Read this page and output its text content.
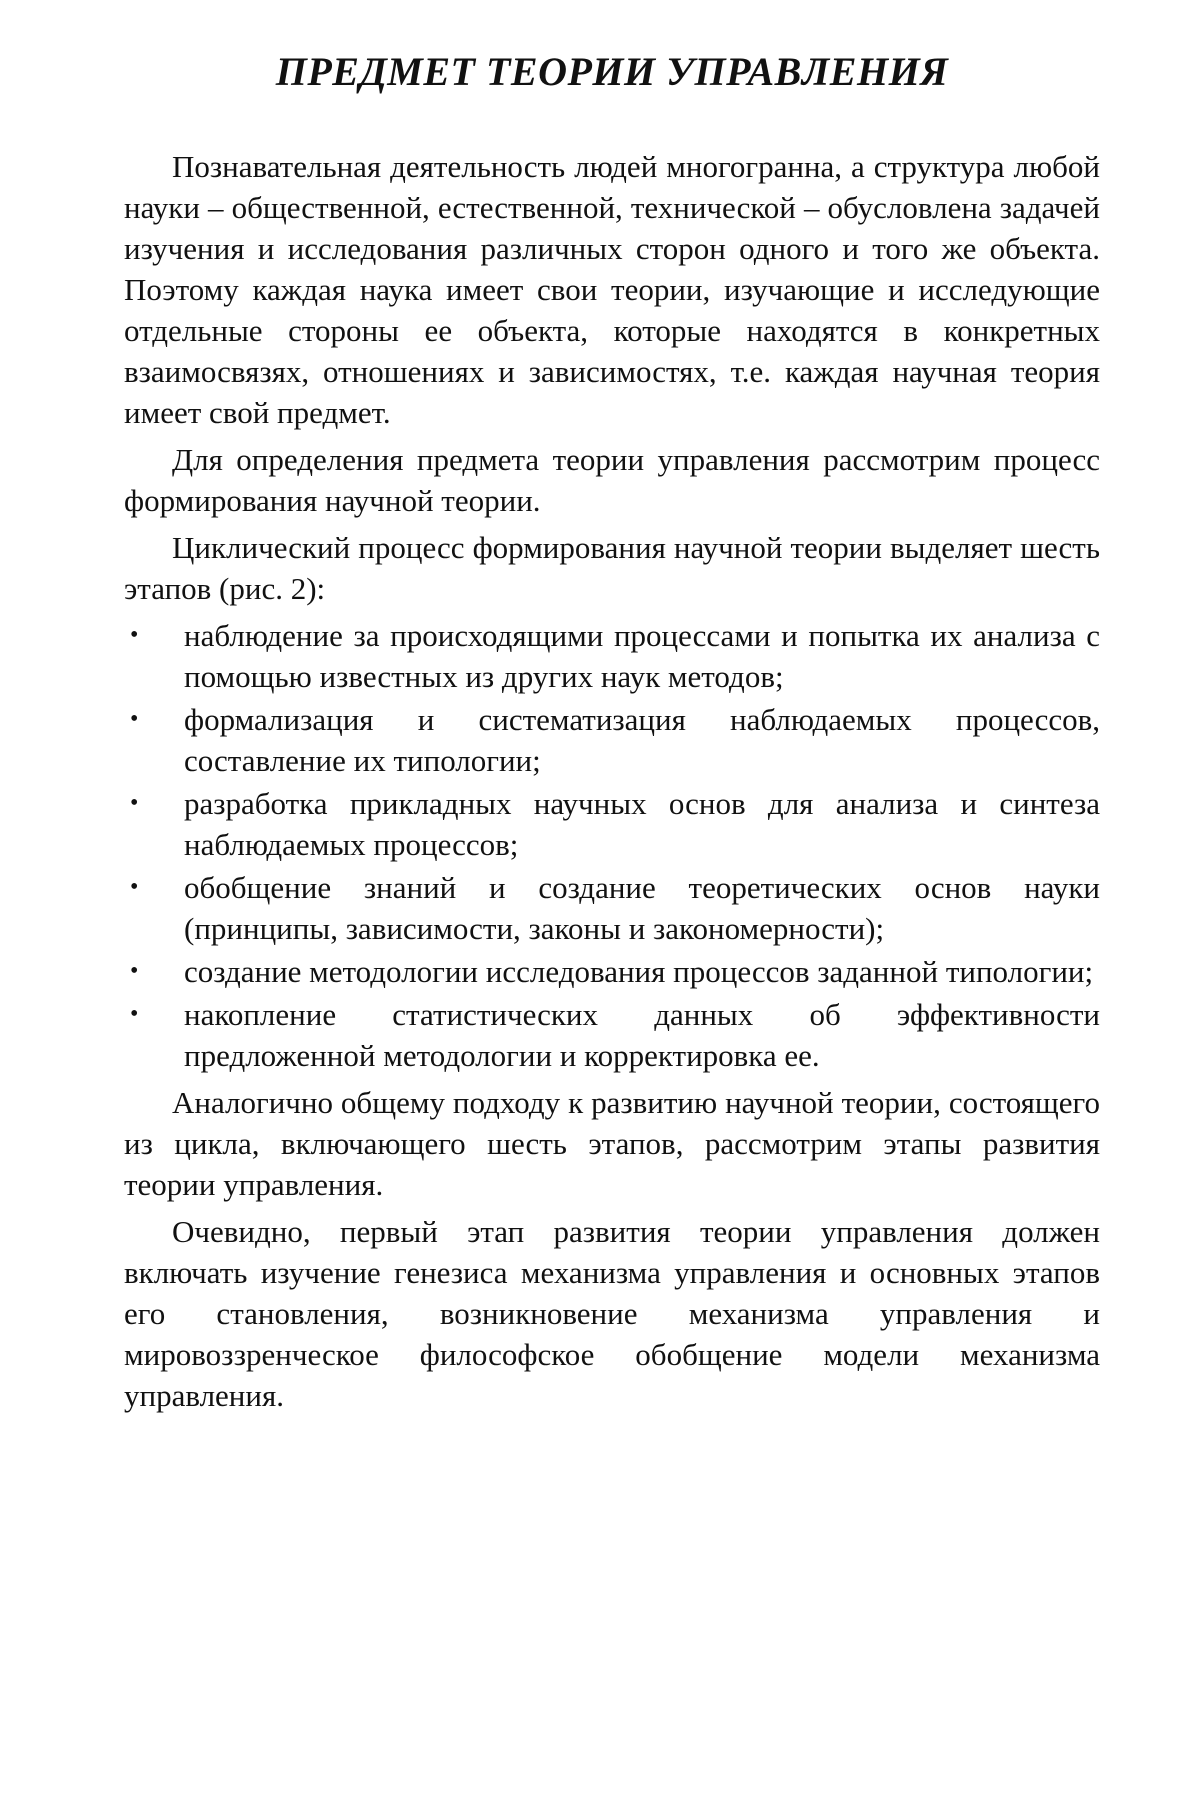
ПРЕДМЕТ ТЕОРИИ УПРАВЛЕНИЯ

Познавательная деятельность людей многогранна, а структура любой науки – общественной, естественной, технической – обусловлена задачей изучения и исследования различных сторон одного и того же объекта. Поэтому каждая наука имеет свои теории, изучающие и исследующие отдельные стороны ее объекта, которые находятся в конкретных взаимосвязях, отношениях и зависимостях, т.е. каждая научная теория имеет свой предмет.

Для определения предмета теории управления рассмотрим процесс формирования научной теории.

Циклический процесс формирования научной теории выделяет шесть этапов (рис. 2):

• наблюдение за происходящими процессами и попытка их анализа с помощью известных из других наук методов;
• формализация и систематизация наблюдаемых процессов, составление их типологии;
• разработка прикладных научных основ для анализа и синтеза наблюдаемых процессов;
• обобщение знаний и создание теоретических основ науки (принципы, зависимости, законы и закономерности);
• создание методологии исследования процессов заданной типологии;
• накопление статистических данных об эффективности предложенной методологии и корректировка ее.

Аналогично общему подходу к развитию научной теории, состоящего из цикла, включающего шесть этапов, рассмотрим этапы развития теории управления.

Очевидно, первый этап развития теории управления должен включать изучение генезиса механизма управления и основных этапов его становления, возникновение механизма управления и мировоззренческое философское обобщение модели механизма управления.
